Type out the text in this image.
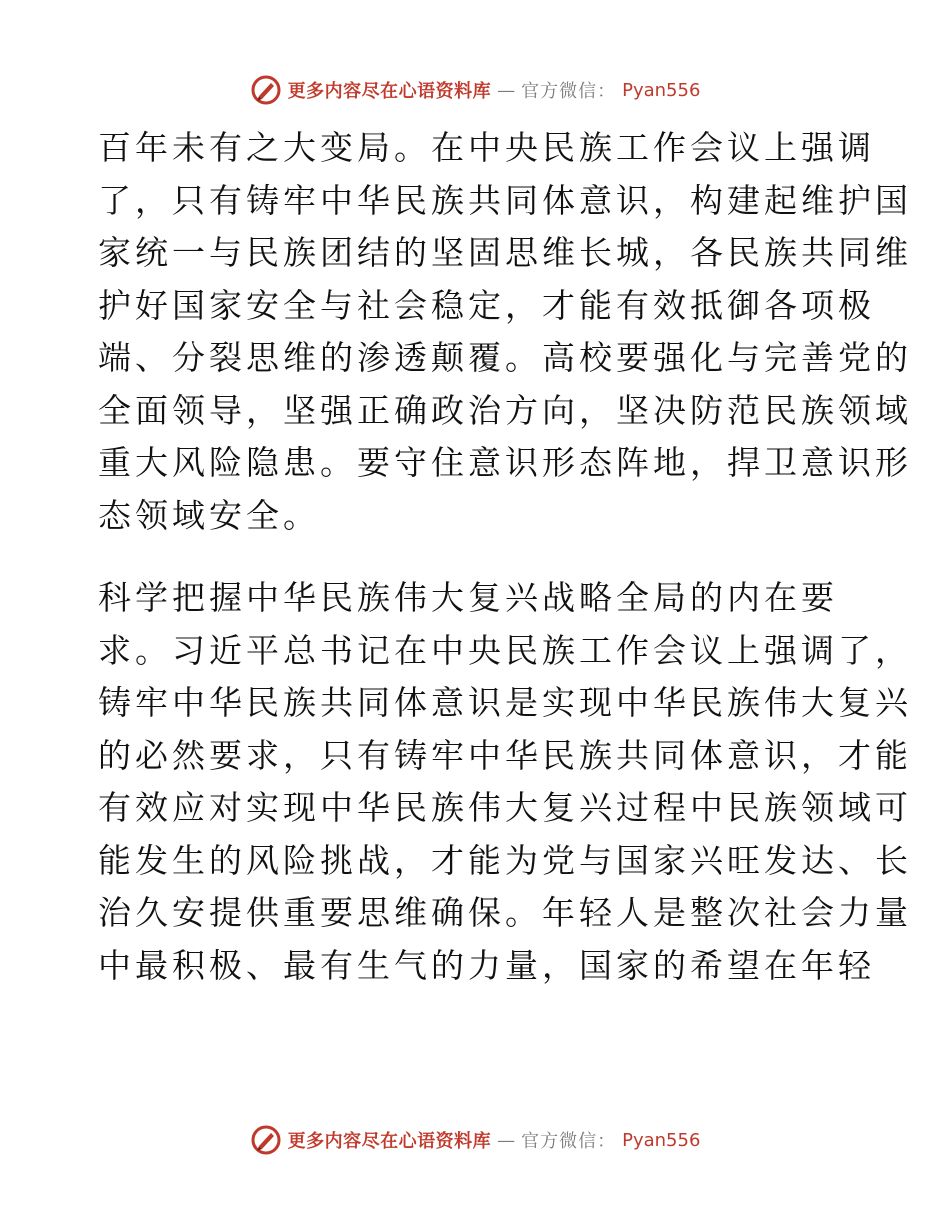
更多内容尽在心语资料库 — 官方微信： Pyan556
百年未有之大变局。在中央民族工作会议上强调
了，只有铸牢中华民族共同体意识，构建起维护国
家统一与民族团结的坚固思维长城，各民族共同维
护好国家安全与社会稳定，才能有效抵御各项极
端、分裂思维的渗透颠覆。高校要强化与完善党的
全面领导，坚强正确政治方向，坚决防范民族领域
重大风险隐患。要守住意识形态阵地，捍卫意识形
态领域安全。
科学把握中华民族伟大复兴战略全局的内在要
求。习近平总书记在中央民族工作会议上强调了，
铸牢中华民族共同体意识是实现中华民族伟大复兴
的必然要求，只有铸牢中华民族共同体意识，才能
有效应对实现中华民族伟大复兴过程中民族领域可
能发生的风险挑战，才能为党与国家兴旺发达、长
治久安提供重要思维确保。年轻人是整次社会力量
中最积极、最有生气的力量，国家的希望在年轻
更多内容尽在心语资料库 — 官方微信： Pyan556
